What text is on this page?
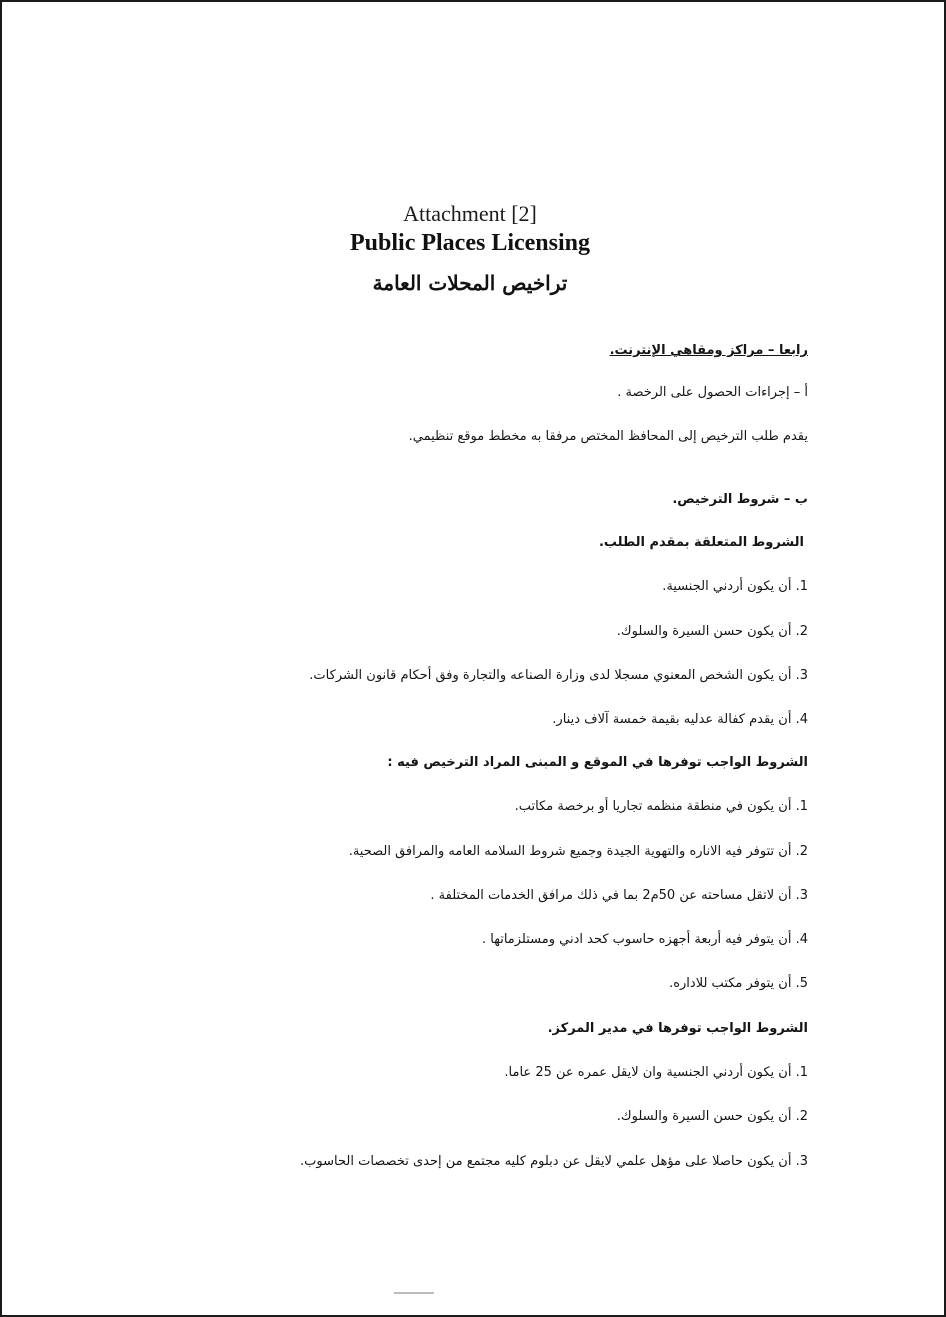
Attachment [2]
Public Places Licensing
تراخيص المحلات العامة
رابعا – مراكز ومقاهي الإنترنت.
أ – إجراءات الحصول على الرخصة .
يقدم طلب الترخيص إلى المحافظ المختص مرفقا به مخطط موقع تنظيمي.
ب – شروط الترخيص.
الشروط المتعلقة بمقدم الطلب.
1. أن يكون أردني الجنسية.
2. أن يكون حسن السيرة والسلوك.
3. أن يكون الشخص المعنوي مسجلا لدى وزارة الصناعه والتجارة وفق أحكام قانون الشركات.
4. أن يقدم كفالة عدليه بقيمة خمسة آلاف دينار.
الشروط الواجب توفرها في الموقع و المبنى المراد الترخيص فيه :
1. أن يكون في منطقة منظمه تجاريا أو برخصة مكاتب.
2. أن تتوفر فيه الاناره والتهوية الجيدة وجميع شروط السلامه العامه والمرافق الصحية.
3. أن لاتقل مساحته عن 50م2 بما في ذلك مرافق الخدمات المختلفة .
4. أن يتوفر فيه أربعة أجهزه حاسوب كحد ادني ومستلزماتها .
5. أن يتوفر مكتب للاداره.
الشروط الواجب توفرها في مدير المركز.
1. أن يكون أردني الجنسية وان لايقل عمره عن 25 عاما.
2. أن يكون حسن السيرة والسلوك.
3. أن يكون حاصلا على مؤهل علمي لايقل عن دبلوم كليه مجتمع من إحدى تخصصات الحاسوب.
